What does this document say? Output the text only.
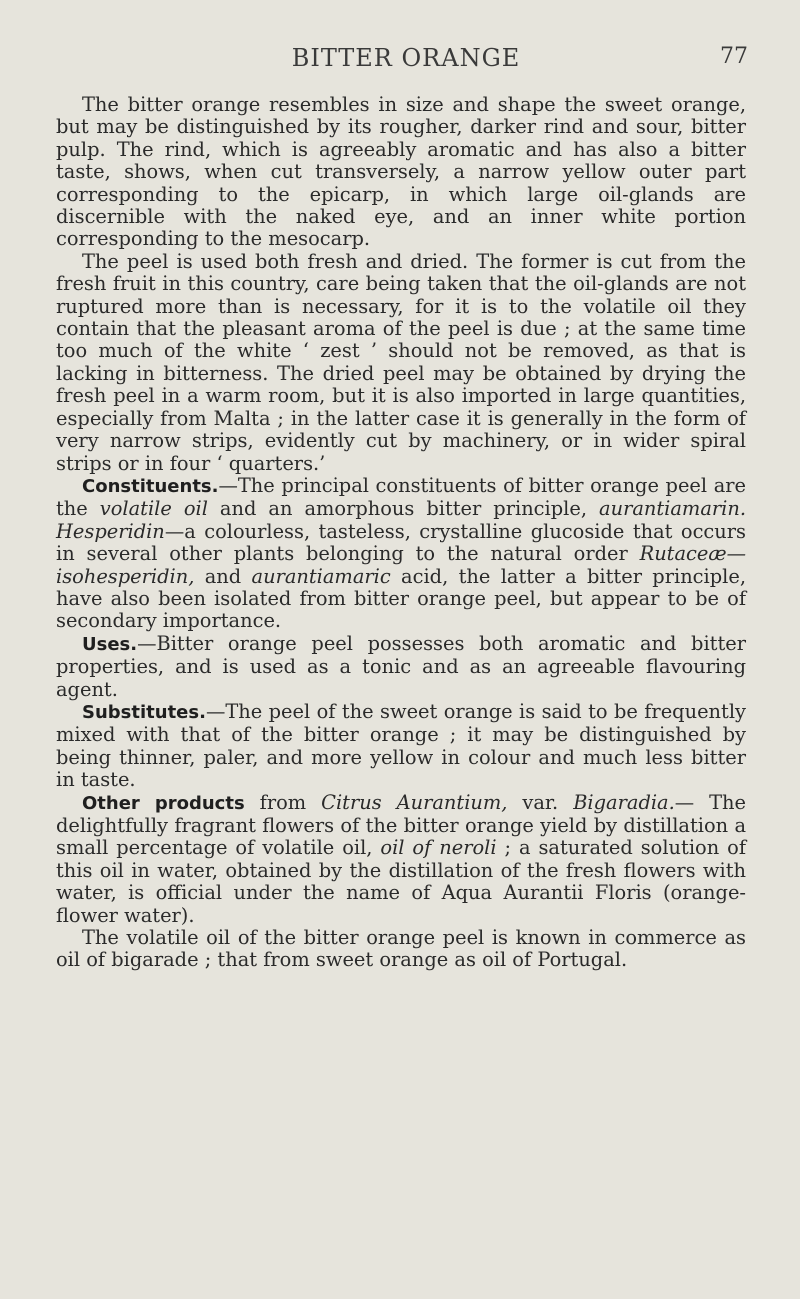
BITTER ORANGE	77

The bitter orange resembles in size and shape the sweet orange, but may be distinguished by its rougher, darker rind and sour, bitter pulp. The rind, which is agreeably aromatic and has also a bitter taste, shows, when cut transversely, a narrow yellow outer part corresponding to the epicarp, in which large oil-glands are discernible with the naked eye, and an inner white portion corresponding to the mesocarp.

The peel is used both fresh and dried. The former is cut from the fresh fruit in this country, care being taken that the oil-glands are not ruptured more than is necessary, for it is to the volatile oil they contain that the pleasant aroma of the peel is due ; at the same time too much of the white ‘ zest ’ should not be removed, as that is lacking in bitterness. The dried peel may be obtained by drying the fresh peel in a warm room, but it is also imported in large quantities, especially from Malta ; in the latter case it is generally in the form of very narrow strips, evidently cut by machinery, or in wider spiral strips or in four ‘ quarters.’

Constituents.—The principal constituents of bitter orange peel are the volatile oil and an amorphous bitter principle, aurantiamarin. Hesperidin—a colourless, tasteless, crystalline glucoside that occurs in several other plants belonging to the natural order Rutaceæ—isohesperidin, and aurantiamaric acid, the latter a bitter principle, have also been isolated from bitter orange peel, but appear to be of secondary importance.

Uses.—Bitter orange peel possesses both aromatic and bitter properties, and is used as a tonic and as an agreeable flavouring agent.

Substitutes.—The peel of the sweet orange is said to be frequently mixed with that of the bitter orange ; it may be distinguished by being thinner, paler, and more yellow in colour and much less bitter in taste.

Other products from Citrus Aurantium, var. Bigaradia.— The delightfully fragrant flowers of the bitter orange yield by distillation a small percentage of volatile oil, oil of neroli ; a saturated solution of this oil in water, obtained by the distillation of the fresh flowers with water, is official under the name of Aqua Aurantii Floris (orange-flower water).

The volatile oil of the bitter orange peel is known in commerce as oil of bigarade ; that from sweet orange as oil of Portugal.
